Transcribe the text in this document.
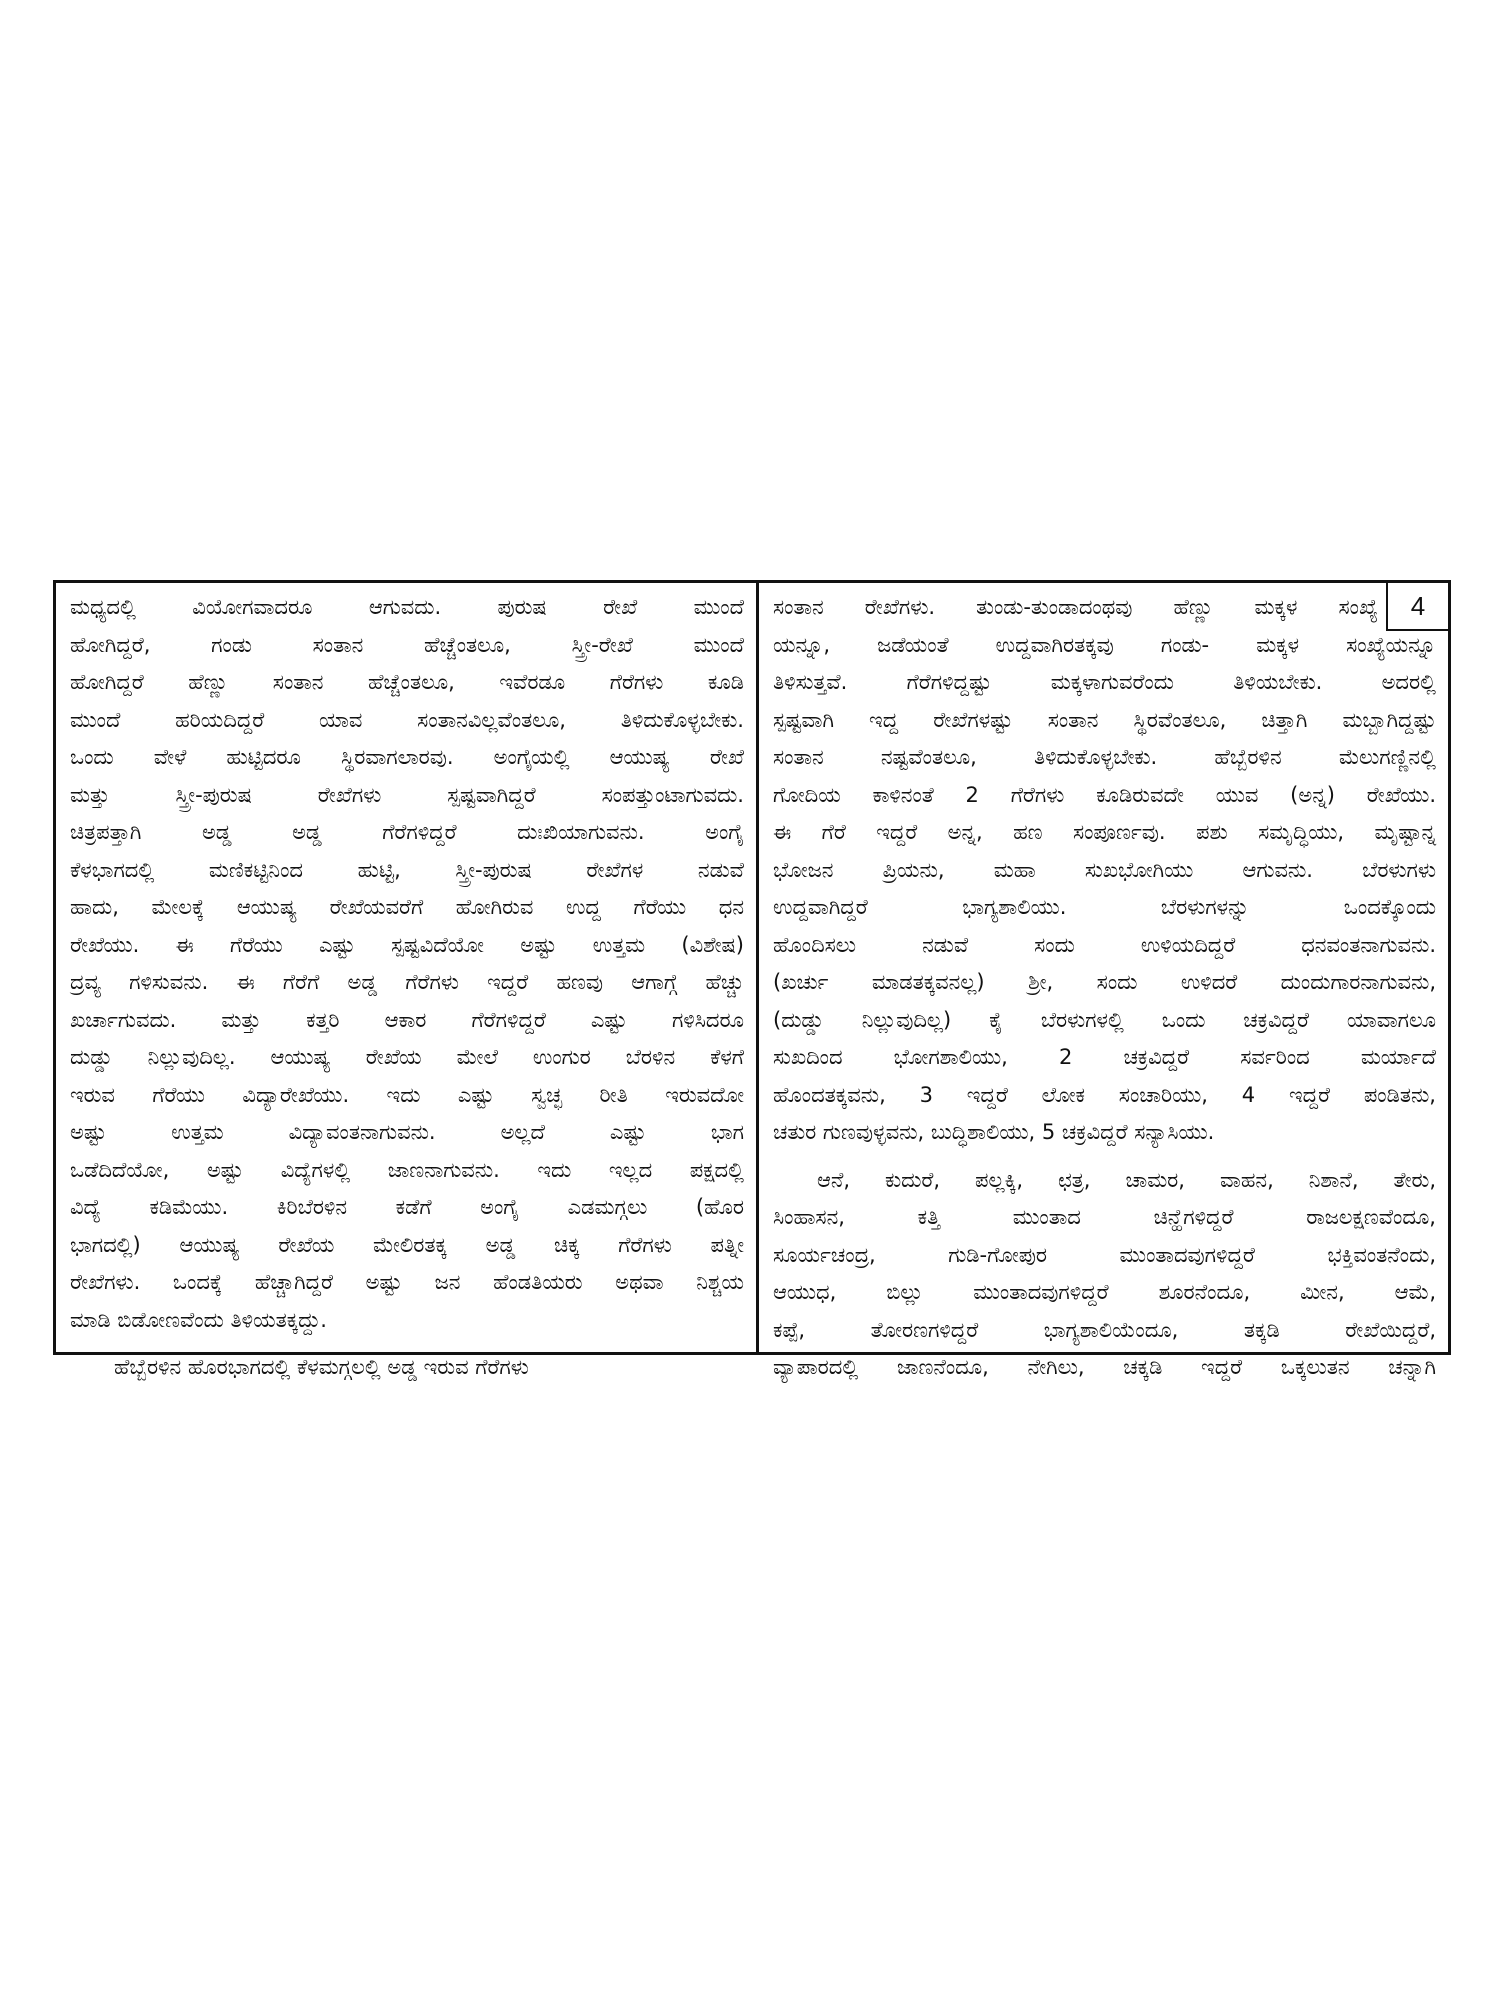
ಮಧ್ಯದಲ್ಲಿ ವಿಯೋಗವಾದರೂ ಆಗುವದು. ಪುರುಷ ರೇಖೆ ಮುಂದೆ
ಹೋಗಿದ್ದರೆ, ಗಂಡು ಸಂತಾನ ಹೆಚ್ಚೆಂತಲೂ, ಸ್ತ್ರೀ-ರೇಖೆ ಮುಂದೆ
ಹೋಗಿದ್ದರೆ ಹೆಣ್ಣು ಸಂತಾನ ಹೆಚ್ಚೆಂತಲೂ, ಇವೆರಡೂ ಗೆರೆಗಳು ಕೂಡಿ
ಮುಂದೆ ಹರಿಯದಿದ್ದರೆ ಯಾವ ಸಂತಾನವಿಲ್ಲವೆಂತಲೂ, ತಿಳಿದುಕೊಳ್ಳಬೇಕು.
ಒಂದು ವೇಳೆ ಹುಟ್ಟಿದರೂ ಸ್ಥಿರವಾಗಲಾರವು. ಅಂಗೈಯಲ್ಲಿ ಆಯುಷ್ಯ ರೇಖೆ
ಮತ್ತು ಸ್ತ್ರೀ-ಪುರುಷ ರೇಖೆಗಳು ಸ್ಪಷ್ಟವಾಗಿದ್ದರೆ ಸಂಪತ್ತುಂಟಾಗುವದು.
ಚಿತ್ರಪತ್ತಾಗಿ ಅಡ್ಡ ಅಡ್ಡ ಗೆರೆಗಳಿದ್ದರೆ ದುಃಖಿಯಾಗುವನು. ಅಂಗೈ
ಕೆಳಭಾಗದಲ್ಲಿ ಮಣಿಕಟ್ಟಿನಿಂದ ಹುಟ್ಟಿ, ಸ್ತ್ರೀ-ಪುರುಷ ರೇಖೆಗಳ ನಡುವೆ
ಹಾದು, ಮೇಲಕ್ಕೆ ಆಯುಷ್ಯ ರೇಖೆಯವರೆಗೆ ಹೋಗಿರುವ ಉದ್ದ ಗೆರೆಯು ಧನ
ರೇಖೆಯು. ಈ ಗೆರೆಯು ಎಷ್ಟು ಸ್ಪಷ್ಟವಿದೆಯೋ ಅಷ್ಟು ಉತ್ತಮ (ವಿಶೇಷ)
ದ್ರವ್ಯ ಗಳಿಸುವನು. ಈ ಗೆರೆಗೆ ಅಡ್ಡ ಗೆರೆಗಳು ಇದ್ದರೆ ಹಣವು ಆಗಾಗ್ಗೆ ಹೆಚ್ಚು
ಖರ್ಚಾಗುವದು. ಮತ್ತು ಕತ್ತರಿ ಆಕಾರ ಗೆರೆಗಳಿದ್ದರೆ ಎಷ್ಟು ಗಳಿಸಿದರೂ
ದುಡ್ಡು ನಿಲ್ಲುವುದಿಲ್ಲ. ಆಯುಷ್ಯ ರೇಖೆಯ ಮೇಲೆ ಉಂಗುರ ಬೆರಳಿನ ಕೆಳಗೆ
ಇರುವ ಗೆರೆಯು ವಿದ್ಯಾರೇಖೆಯು. ಇದು ಎಷ್ಟು ಸ್ವಚ್ಛ ರೀತಿ ಇರುವದೋ
ಅಷ್ಟು ಉತ್ತಮ ವಿದ್ಯಾವಂತನಾಗುವನು. ಅಲ್ಲದೆ ಎಷ್ಟು ಭಾಗ
ಒಡೆದಿದೆಯೋ, ಅಷ್ಟು ವಿದ್ಯೆಗಳಲ್ಲಿ ಜಾಣನಾಗುವನು. ಇದು ಇಲ್ಲದ ಪಕ್ಷದಲ್ಲಿ
ವಿದ್ಯೆ ಕಡಿಮೆಯು. ಕಿರಿಬೆರಳಿನ ಕಡೆಗೆ ಅಂಗೈ ಎಡಮಗ್ಗಲು (ಹೊರ
ಭಾಗದಲ್ಲಿ) ಆಯುಷ್ಯ ರೇಖೆಯ ಮೇಲಿರತಕ್ಕ ಅಡ್ಡ ಚಿಕ್ಕ ಗೆರೆಗಳು ಪತ್ನೀ
ರೇಖೆಗಳು. ಒಂದಕ್ಕೆ ಹೆಚ್ಚಾಗಿದ್ದರೆ ಅಷ್ಟು ಜನ ಹೆಂಡತಿಯರು ಅಥವಾ ನಿಶ್ಚಯ
ಮಾಡಿ ಬಿಡೋಣವೆಂದು ತಿಳಿಯತಕ್ಕದ್ದು.
ಹೆಬ್ಬೆರಳಿನ ಹೊರಭಾಗದಲ್ಲಿ ಕೆಳಮಗ್ಗಲಲ್ಲಿ ಅಡ್ಡ ಇರುವ ಗೆರೆಗಳು
4
ಸಂತಾನ ರೇಖೆಗಳು. ತುಂಡು-ತುಂಡಾದಂಥವು ಹೆಣ್ಣು ಮಕ್ಕಳ ಸಂಖ್ಯೆ
ಯನ್ನೂ, ಜಡೆಯಂತೆ ಉದ್ದವಾಗಿರತಕ್ಕವು ಗಂಡು- ಮಕ್ಕಳ ಸಂಖ್ಯೆಯನ್ನೂ
ತಿಳಿಸುತ್ತವೆ. ಗೆರೆಗಳಿದ್ದಷ್ಟು ಮಕ್ಕಳಾಗುವರೆಂದು ತಿಳಿಯಬೇಕು. ಅದರಲ್ಲಿ
ಸ್ಪಷ್ಟವಾಗಿ ಇದ್ದ ರೇಖೆಗಳಷ್ಟು ಸಂತಾನ ಸ್ಥಿರವೆಂತಲೂ, ಚಿತ್ತಾಗಿ ಮಬ್ಬಾಗಿದ್ದಷ್ಟು
ಸಂತಾನ ನಷ್ಟವೆಂತಲೂ, ತಿಳಿದುಕೊಳ್ಳಬೇಕು. ಹೆಬ್ಬೆರಳಿನ ಮೆಲುಗಣ್ಣಿನಲ್ಲಿ
ಗೋದಿಯ ಕಾಳಿನಂತೆ 2 ಗೆರೆಗಳು ಕೂಡಿರುವದೇ ಯುವ (ಅನ್ನ) ರೇಖೆಯು.
ಈ ಗೆರೆ ಇದ್ದರೆ ಅನ್ನ, ಹಣ ಸಂಪೂರ್ಣವು. ಪಶು ಸಮೃದ್ಧಿಯು, ಮೃಷ್ಟಾನ್ನ
ಭೋಜನ ಪ್ರಿಯನು, ಮಹಾ ಸುಖಭೋಗಿಯು ಆಗುವನು. ಬೆರಳುಗಳು
ಉದ್ದವಾಗಿದ್ದರೆ ಭಾಗ್ಯಶಾಲಿಯು. ಬೆರಳುಗಳನ್ನು ಒಂದಕ್ಕೊಂದು
ಹೊಂದಿಸಲು ನಡುವೆ ಸಂದು ಉಳಿಯದಿದ್ದರೆ ಧನವಂತನಾಗುವನು.
(ಖರ್ಚು ಮಾಡತಕ್ಕವನಲ್ಲ) ಶ್ರೀ, ಸಂದು ಉಳಿದರೆ ದುಂದುಗಾರನಾಗುವನು,
(ದುಡ್ಡು ನಿಲ್ಲುವುದಿಲ್ಲ) ಕೈ ಬೆರಳುಗಳಲ್ಲಿ ಒಂದು ಚಕ್ರವಿದ್ದರೆ ಯಾವಾಗಲೂ
ಸುಖದಿಂದ ಭೋಗಶಾಲಿಯು, 2 ಚಕ್ರವಿದ್ದರೆ ಸರ್ವರಿಂದ ಮರ್ಯಾದೆ
ಹೊಂದತಕ್ಕವನು, 3 ಇದ್ದರೆ ಲೋಕ ಸಂಚಾರಿಯು, 4 ಇದ್ದರೆ ಪಂಡಿತನು,
ಚತುರ ಗುಣವುಳ್ಳವನು, ಬುದ್ಧಿಶಾಲಿಯು, 5 ಚಕ್ರವಿದ್ದರೆ ಸನ್ಯಾಸಿಯು.
ಆನೆ, ಕುದುರೆ, ಪಲ್ಲಕ್ಕಿ, ಛತ್ರ, ಚಾಮರ, ವಾಹನ, ನಿಶಾನೆ, ತೇರು,
ಸಿಂಹಾಸನ, ಕತ್ತಿ ಮುಂತಾದ ಚಿನ್ಹೆಗಳಿದ್ದರೆ ರಾಜಲಕ್ಷಣವೆಂದೂ,
ಸೂರ್ಯಚಂದ್ರ, ಗುಡಿ-ಗೋಪುರ ಮುಂತಾದವುಗಳಿದ್ದರೆ ಭಕ್ತಿವಂತನೆಂದು,
ಆಯುಧ, ಬಿಲ್ಲು ಮುಂತಾದವುಗಳಿದ್ದರೆ ಶೂರನೆಂದೂ, ಮೀನ, ಆಮೆ,
ಕಪ್ಪೆ, ತೋರಣಗಳಿದ್ದರೆ ಭಾಗ್ಯಶಾಲಿಯೆಂದೂ, ತಕ್ಕಡಿ ರೇಖೆಯಿದ್ದರೆ,
ವ್ಯಾಪಾರದಲ್ಲಿ ಜಾಣನೆಂದೂ, ನೇಗಿಲು, ಚಕ್ಕಡಿ ಇದ್ದರೆ ಒಕ್ಕಲುತನ ಚನ್ನಾಗಿ
